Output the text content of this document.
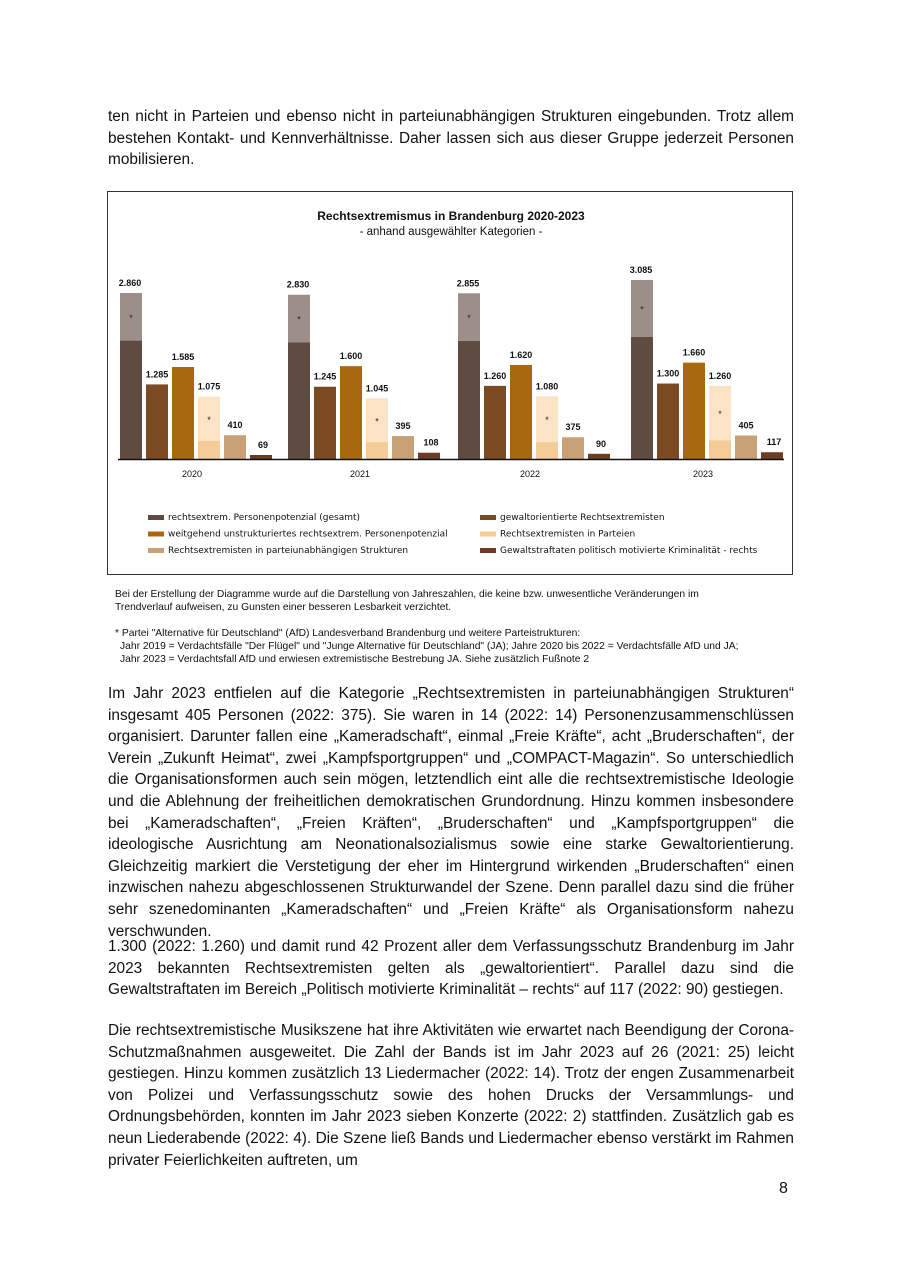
ten nicht in Parteien und ebenso nicht in parteiunabhängigen Strukturen eingebunden. Trotz allem bestehen Kontakt- und Kennverhältnisse. Daher lassen sich aus dieser Gruppe jederzeit Personen mobilisieren.
Rechtsextremismus in Brandenburg 2020-2023
- anhand ausgewählter Kategorien -
*
2.860
1.285
1.585
*
1.075
410
69
2020
*
2.830
1.245
1.600
*
1.045
395
108
2021
*
2.855
1.260
1.620
*
1.080
375
90
2022
*
3.085
1.300
1.660
*
1.260
405
117
2023
rechtsextrem. Personenpotenzial (gesamt)
weitgehend unstrukturiertes rechtsextrem. Personenpotenzial
Rechtsextremisten in parteiunabhängigen Strukturen
gewaltorientierte Rechtsextremisten
Rechtsextremisten in Parteien
Gewaltstraftaten politisch motivierte Kriminalität - rechts
Bei der Erstellung der Diagramme wurde auf die Darstellung von Jahreszahlen, die keine bzw. unwesentliche Veränderungen im
Trendverlauf aufweisen, zu Gunsten einer besseren Lesbarkeit verzichtet.
* Partei "Alternative für Deutschland" (AfD) Landesverband Brandenburg und weitere Parteistrukturen:

Jahr 2019 = Verdachtsfälle "Der Flügel" und "Junge Alternative für Deutschland" (JA); Jahre 2020 bis 2022 = Verdachtsfälle AfD und JA;
Jahr 2023 = Verdachtsfall AfD und erwiesen extremistische Bestrebung JA. Siehe zusätzlich Fußnote 2
Im Jahr 2023 entfielen auf die Kategorie „Rechtsextremisten in parteiunabhängigen Strukturen“ insgesamt 405 Personen (2022: 375). Sie waren in 14 (2022: 14) Personenzusammenschlüssen organisiert. Darunter fallen eine „Kameradschaft“, einmal „Freie Kräfte“, acht „Bruderschaften“, der Verein „Zukunft Heimat“, zwei „Kampfsportgruppen“ und „COMPACT-Magazin“. So unterschiedlich die Organisationsformen auch sein mögen, letztendlich eint alle die rechtsextremistische Ideologie und die Ablehnung der freiheitlichen demokratischen Grundordnung. Hinzu kommen insbesondere bei „Kameradschaften“, „Freien Kräften“, „Bruderschaften“ und „Kampfsportgruppen“ die ideologische Ausrichtung am Neonationalsozialismus sowie eine starke Gewaltorientierung. Gleichzeitig markiert die Verstetigung der eher im Hintergrund wirkenden „Bruderschaften“ einen inzwischen nahezu abgeschlossenen Strukturwandel der Szene. Denn parallel dazu sind die früher sehr szenedominanten „Kameradschaften“ und „Freien Kräfte“ als Organisationsform nahezu verschwunden.
1.300 (2022: 1.260) und damit rund 42 Prozent aller dem Verfassungsschutz Brandenburg im Jahr 2023 bekannten Rechtsextremisten gelten als „gewaltorientiert“. Parallel dazu sind die Gewaltstraftaten im Bereich „Politisch motivierte Kriminalität – rechts“ auf 117 (2022: 90) gestiegen.
Die rechtsextremistische Musikszene hat ihre Aktivitäten wie erwartet nach Beendigung der Corona-Schutzmaßnahmen ausgeweitet. Die Zahl der Bands ist im Jahr 2023 auf 26 (2021: 25) leicht gestiegen. Hinzu kommen zusätzlich 13 Liedermacher (2022: 14). Trotz der engen Zusammenarbeit von Polizei und Verfassungsschutz sowie des hohen Drucks der Versammlungs- und Ordnungsbehörden, konnten im Jahr 2023 sieben Konzerte (2022: 2) stattfinden. Zusätzlich gab es neun Liederabende (2022: 4). Die Szene ließ Bands und Liedermacher ebenso verstärkt im Rahmen privater Feierlichkeiten auftreten, um
8
